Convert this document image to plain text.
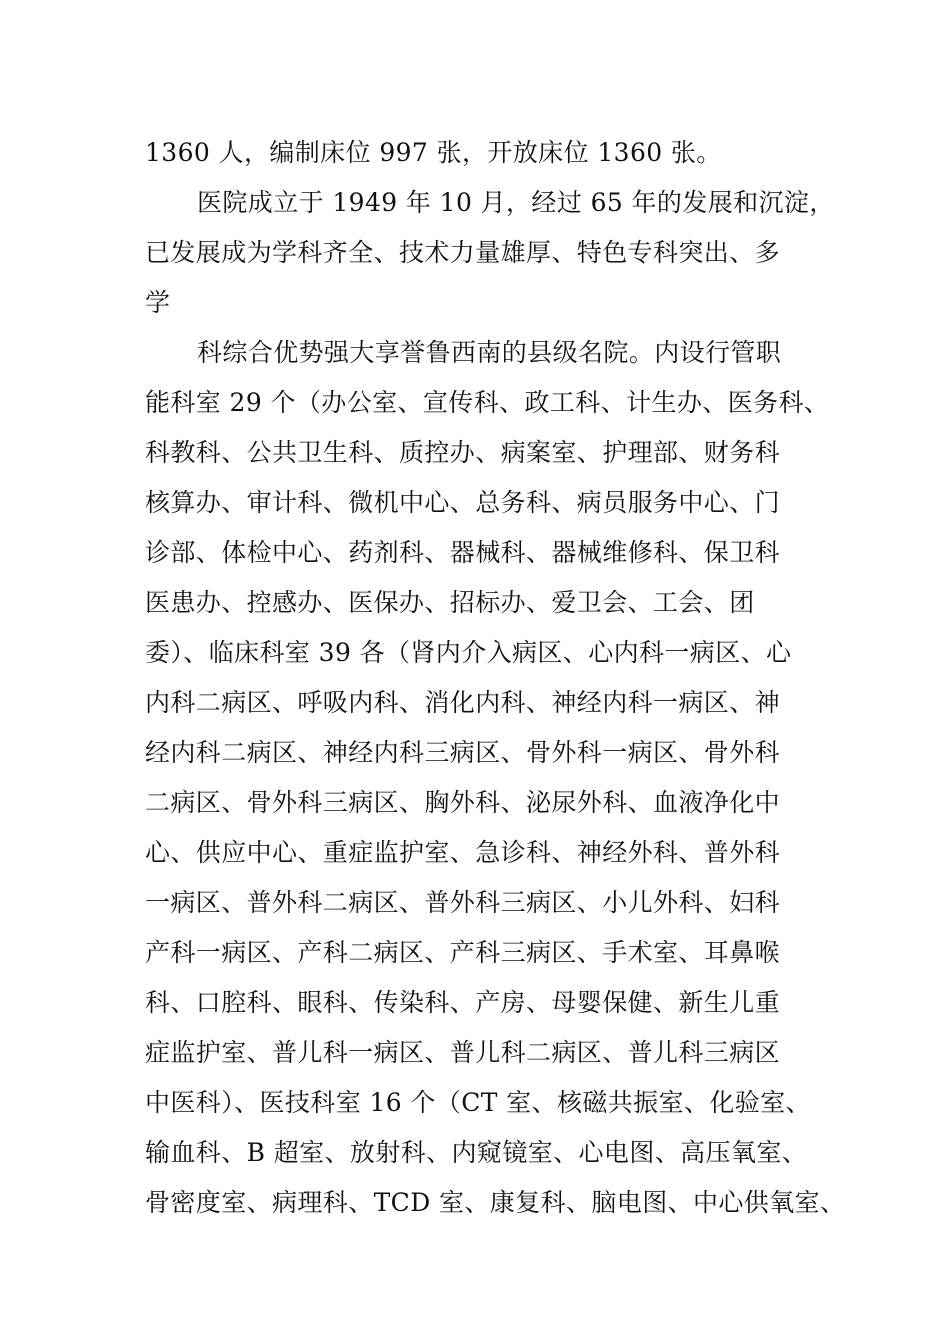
1360 人，编制床位 997 张，开放床位 1360 张。
医院成立于 1949 年 10 月，经过 65 年的发展和沉淀，
已发展成为学科齐全、技术力量雄厚、特色专科突出、多
学
科综合优势强大享誉鲁西南的县级名院。内设行管职
能科室 29 个（办公室、宣传科、政工科、计生办、医务科、
科教科、公共卫生科、质控办、病案室、护理部、财务科
核算办、审计科、微机中心、总务科、病员服务中心、门
诊部、体检中心、药剂科、器械科、器械维修科、保卫科
医患办、控感办、医保办、招标办、爱卫会、工会、团
委）、临床科室 39 各（肾内介入病区、心内科一病区、心
内科二病区、呼吸内科、消化内科、神经内科一病区、神
经内科二病区、神经内科三病区、骨外科一病区、骨外科
二病区、骨外科三病区、胸外科、泌尿外科、血液净化中
心、供应中心、重症监护室、急诊科、神经外科、普外科
一病区、普外科二病区、普外科三病区、小儿外科、妇科
产科一病区、产科二病区、产科三病区、手术室、耳鼻喉
科、口腔科、眼科、传染科、产房、母婴保健、新生儿重
症监护室、普儿科一病区、普儿科二病区、普儿科三病区
中医科）、医技科室 16 个（CT 室、核磁共振室、化验室、
输血科、B 超室、放射科、内窥镜室、心电图、高压氧室、
骨密度室、病理科、TCD 室、康复科、脑电图、中心供氧室、
